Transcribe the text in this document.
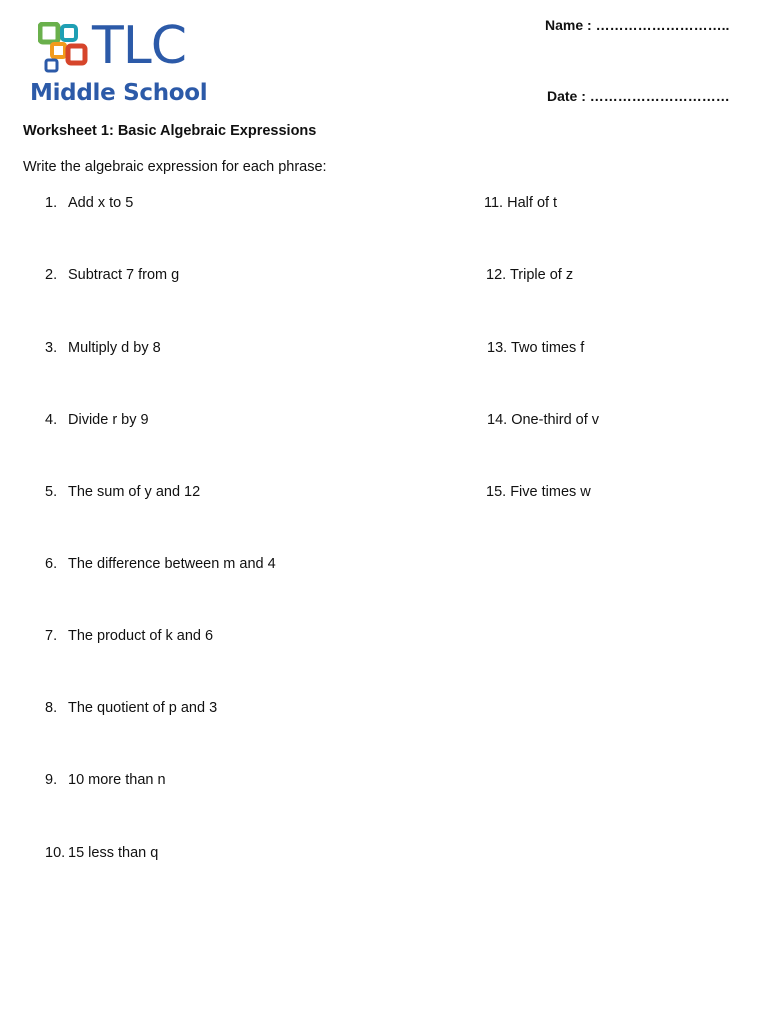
TLC
Middle School
Name : ………………………..
Date : …………………………
Worksheet 1: Basic Algebraic Expressions
Write the algebraic expression for each phrase:
1. Add x to 5
2. Subtract 7 from g
3. Multiply d by 8
4. Divide r by 9
5. The sum of y and 12
6. The difference between m and 4
7. The product of k and 6
8. The quotient of p and 3
9. 10 more than n
10. 15 less than q
11. Half of t
12. Triple of z
13. Two times f
14. One-third of v
15. Five times w
